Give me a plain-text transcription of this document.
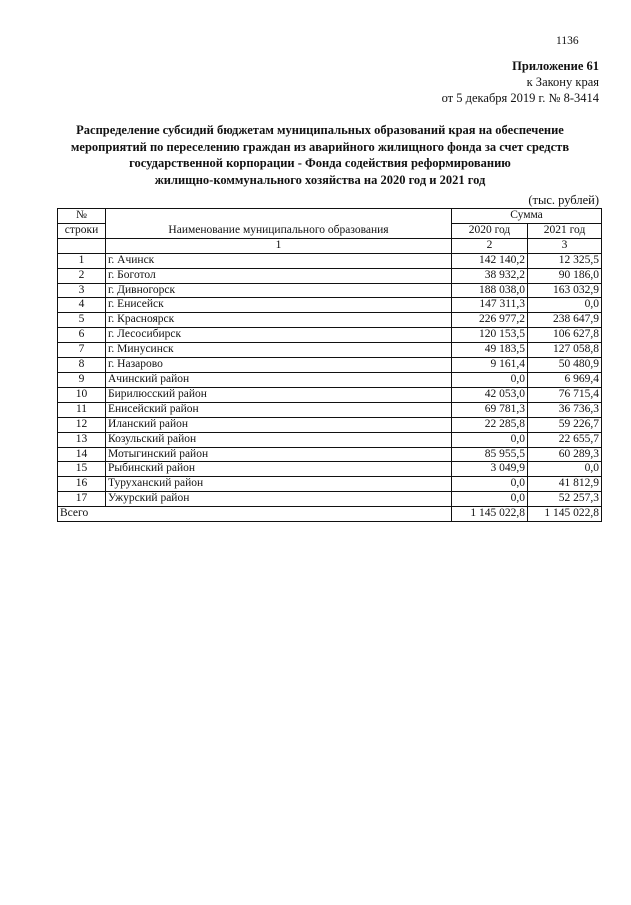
1136
Приложение 61
к Закону края
от 5 декабря 2019 г. № 8-3414
Распределение субсидий бюджетам муниципальных образований края на обеспечение
мероприятий по переселению граждан из аварийного жилищного фонда за счет средств
государственной корпорации - Фонда содействия реформированию
жилищно-коммунального хозяйства на 2020 год и 2021 год
(тыс. рублей)
№	Наименование муниципального образования	Сумма	
строки		2020 год	2021 год
	1	2	3
1	г. Ачинск	142 140,2	12 325,5
2	г. Боготол	38 932,2	90 186,0
3	г. Дивногорск	188 038,0	163 032,9
4	г. Енисейск	147 311,3	0,0
5	г. Красноярск	226 977,2	238 647,9
6	г. Лесосибирск	120 153,5	106 627,8
7	г. Минусинск	49 183,5	127 058,8
8	г. Назарово	9 161,4	50 480,9
9	Ачинский район	0,0	6 969,4
10	Бирилюсский район	42 053,0	76 715,4
11	Енисейский район	69 781,3	36 736,3
12	Иланский район	22 285,8	59 226,7
13	Козульский район	0,0	22 655,7
14	Мотыгинский район	85 955,5	60 289,3
15	Рыбинский район	3 049,9	0,0
16	Туруханский район	0,0	41 812,9
17	Ужурский район	0,0	52 257,3
Всего		1 145 022,8	1 145 022,8
